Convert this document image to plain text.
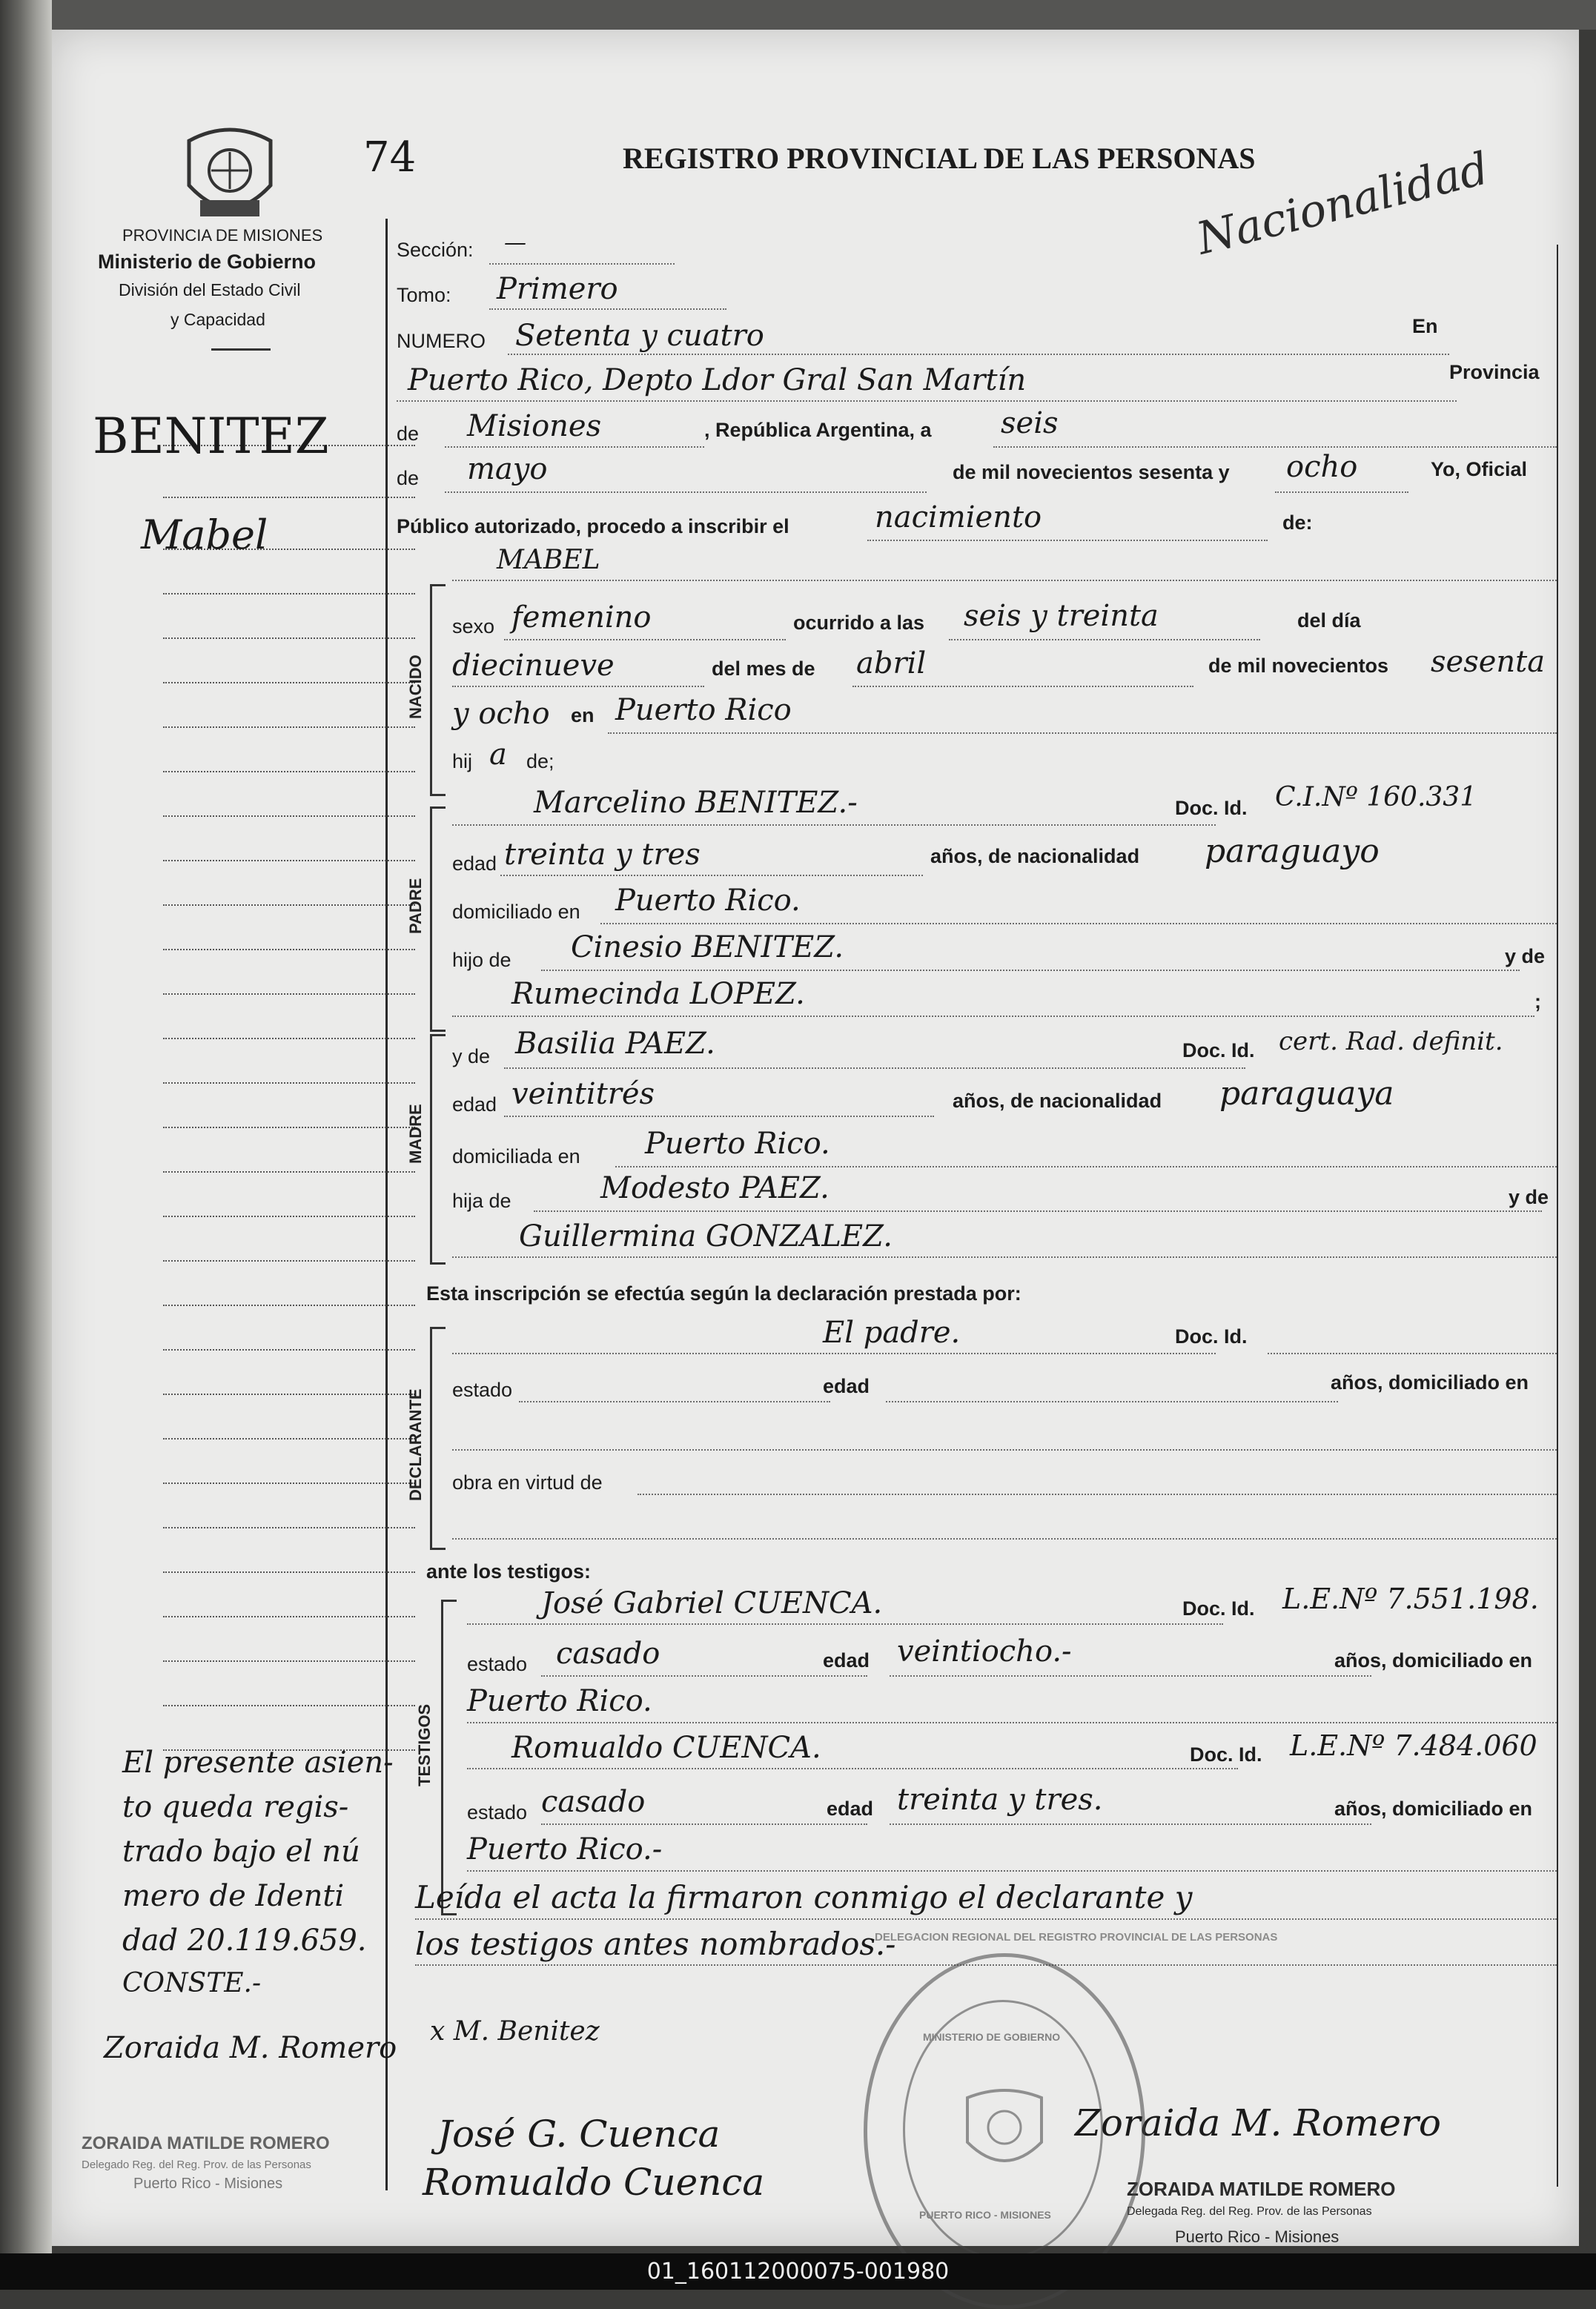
74	REGISTRO PROVINCIAL DE LAS PERSONAS
Nacionalidad
PROVINCIA DE MISIONES
Ministerio de Gobierno
División del Estado Civil
y Capacidad
BENITEZ
Mabel
El presente asien-
to queda regis-
trado bajo el nú
mero de Identi
dad 20.119.659.
CONSTE.-
Sección: —
Tomo: Primero
NUMERO Setenta y cuatro	En
Puerto Rico, Depto Ldor Gral San Martín	Provincia
de Misiones	, República Argentina, a seis
de mayo	de mil novecientos sesenta y ocho	Yo, Oficial
Público autorizado, procedo a inscribir el	nacimiento	de:
NACIDO
MABEL
sexo femenino	ocurrido a las seis y treinta	del día
diecinueve	del mes de abril	de mil novecientos sesenta
y ocho en Puerto Rico
hij a de;
PADRE
Marcelino BENITEZ.-	Doc. Id. C.I.Nº 160.331
edad treinta y tres	años, de nacionalidad paraguayo
domiciliado en Puerto Rico.
hijo de Cinesio BENITEZ.	y de
Rumecinda LOPEZ.	;
MADRE
y de Basilia PAEZ.	Doc. Id. cert. Rad. definit.
edad veintitrés	años, de nacionalidad paraguaya
domiciliada en Puerto Rico.
hija de	Modesto PAEZ.	y de
Guillermina GONZALEZ.
Esta inscripción se efectúa según la declaración prestada por:
DECLARANTE
El padre.	Doc. Id.
estado	edad	años, domiciliado en
obra en virtud de
ante los testigos:
TESTIGOS
José Gabriel CUENCA.	Doc. Id. L.E.Nº 7.551.198.
estado casado	edad veintiocho.-	años, domiciliado en
Puerto Rico.
Romualdo CUENCA.	Doc. Id. L.E.Nº 7.484.060
estado casado	edad treinta y tres.	años, domiciliado en
Puerto Rico.-
Leída el acta la firmaron conmigo el declarante y
los testigos antes nombrados.-
Zoraida M. Romero x M. Benitez
José G. Cuenca
Romualdo Cuenca
Zoraida M. Romero
ZORAIDA MATILDE ROMERO
Delegado Reg. del Reg. Prov. de las Personas
Puerto Rico - Misiones	ZORAIDA MATILDE ROMERO
Delegada Reg. del Reg. Prov. de las Personas
Puerto Rico - Misiones
DELEGACION REGIONAL DEL REGISTRO PROVINCIAL DE LAS PERSONAS
MINISTERIO DE GOBIERNO
PUERTO RICO - MISIONES
01_160112000075-001980
